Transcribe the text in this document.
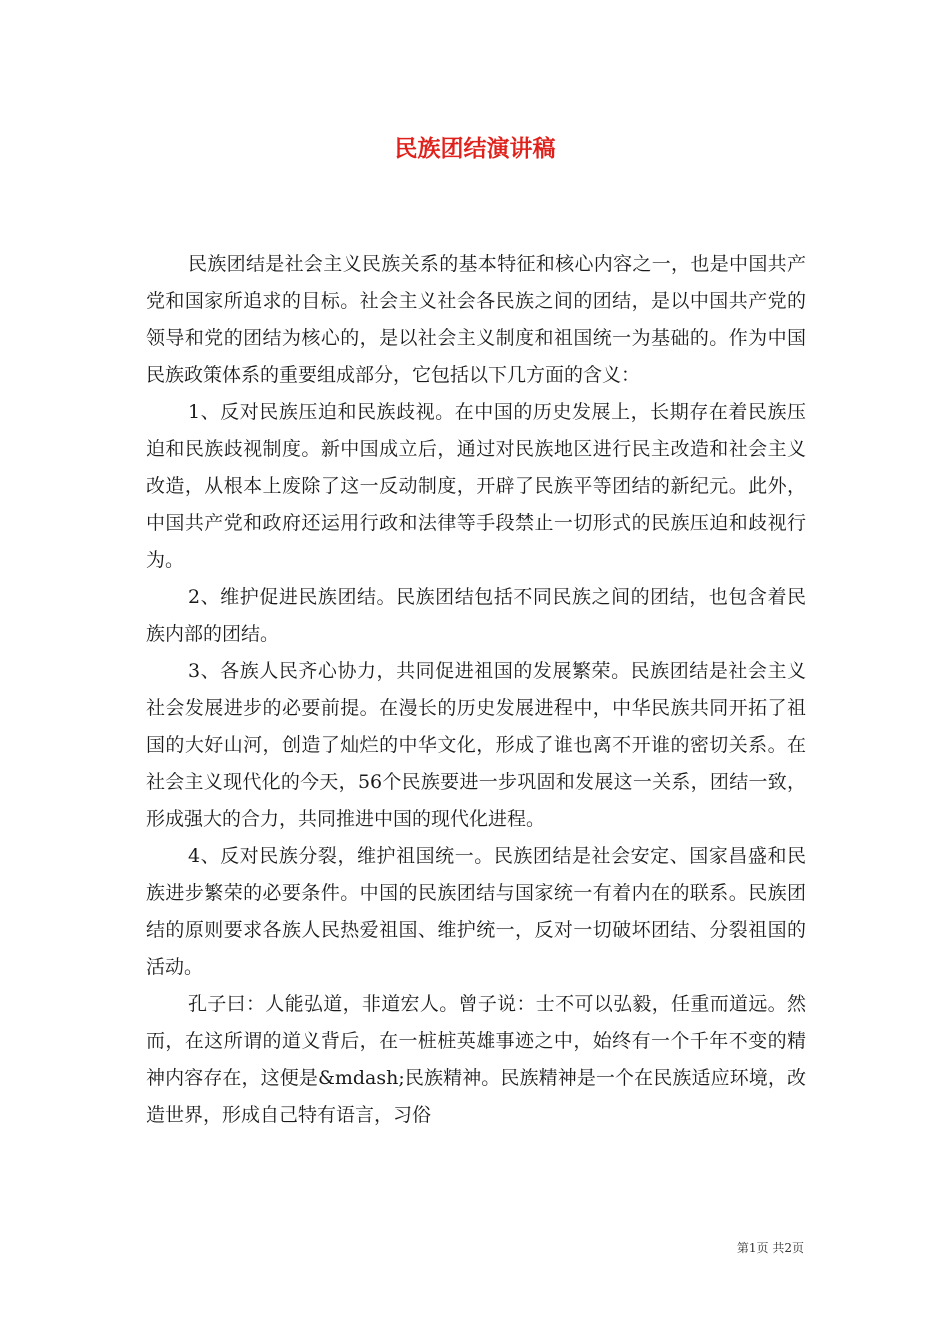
民族团结演讲稿

民族团结是社会主义民族关系的基本特征和核心内容之一，也是中国共产党和国家所追求的目标。社会主义社会各民族之间的团结，是以中国共产党的领导和党的团结为核心的，是以社会主义制度和祖国统一为基础的。作为中国民族政策体系的重要组成部分，它包括以下几方面的含义：

1、反对民族压迫和民族歧视。在中国的历史发展上，长期存在着民族压迫和民族歧视制度。新中国成立后，通过对民族地区进行民主改造和社会主义改造，从根本上废除了这一反动制度，开辟了民族平等团结的新纪元。此外，中国共产党和政府还运用行政和法律等手段禁止一切形式的民族压迫和歧视行为。

2、维护促进民族团结。民族团结包括不同民族之间的团结，也包含着民族内部的团结。

3、各族人民齐心协力，共同促进祖国的发展繁荣。民族团结是社会主义社会发展进步的必要前提。在漫长的历史发展进程中，中华民族共同开拓了祖国的大好山河，创造了灿烂的中华文化，形成了谁也离不开谁的密切关系。在社会主义现代化的今天，56个民族要进一步巩固和发展这一关系，团结一致，形成强大的合力，共同推进中国的现代化进程。

4、反对民族分裂，维护祖国统一。民族团结是社会安定、国家昌盛和民族进步繁荣的必要条件。中国的民族团结与国家统一有着内在的联系。民族团结的原则要求各族人民热爱祖国、维护统一，反对一切破坏团结、分裂祖国的活动。

孔子曰：人能弘道，非道宏人。曾子说：士不可以弘毅，任重而道远。然而，在这所谓的道义背后，在一桩桩英雄事迹之中，始终有一个千年不变的精神内容存在，这便是&mdash;民族精神。民族精神是一个在民族适应环境，改造世界，形成自己特有语言，习俗

第1页 共2页
